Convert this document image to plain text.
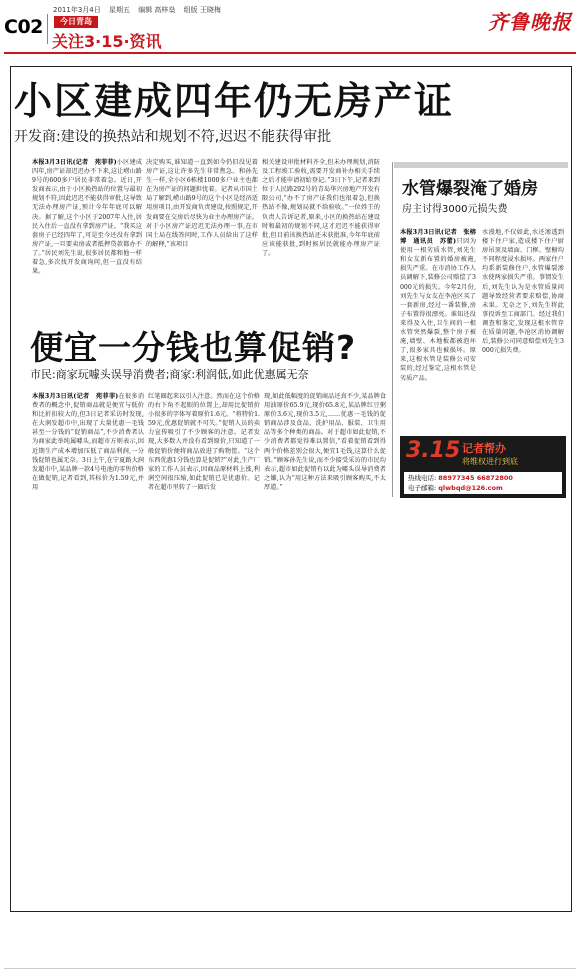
C02
2011年3月4日 星期五 编辑 高梓燊 组版 王晓梅
今日青岛
关注3·15·资讯
齐鲁晚报
小区建成四年仍无房产证
开发商:建设的换热站和规划不符,迟迟不能获得审批
本报3月3日讯(记者　苑菲菲)小区建成四年,房产证却迟迟办不下来,这让崂山路9号的600多户居民非常着急。近日,开发商表示,由于小区换热站的位置与最初规划不符,因此迟迟不能获得审批,这导致无法办理房产证,预计今年年底可以解决。据了解,这个小区于2007年入住,居民入住后一直没有拿到房产证。“我买这套房子已经四年了,可是至今还没有拿到房产证,一旦要卖房或者抵押贷款都办不了。”居民刘先生说,很多居民都和他一样着急,多次找开发商询问,但一直没有结果。
决定购买,谁知道一直到如今仍旧没见着房产证,这让许多先生非常焦急。和孙先生一样,全小区6栋楼1000多户业主也都在为房产证的问题担忧着。记者从市国土局了解到,崂山路9号的这个小区是经济适用房项目,由开发商负责建设,按照规定,开发商要在交房后尽快为业主办理房产证。对于小区房产证迟迟无法办理一事,在市国土局在线答问时,工作人员给出了这样的解释,“该项目
相关建设审批材料齐全,但未办理规划,消防及工程竣工验收,需要开发商补办相关手续之后才能申请初始登记。”3日下午,记者来到位于人民路292号的青岛华兴房地产开发有限公司,“办不了房产证我们也很着急,但换热站不像,规划局就不给验收。”一位姓王的负责人告诉记者,原来,小区的换热站在建设时和最初的规划不同,这才迟迟不能获得审批,但目前该换热站还未获批准,今年年底前应该能获批,到时候居民就能办理房产证了。
水管爆裂淹了婚房
房主讨得3000元损失费
本报3月3日讯(记者　张榕博　通讯员　苏蕾)只因为使用一根劣质水管,刘先生和女友新布置的婚房被淹,损失严重。在市消协工作人员调解下,装修公司赔偿了3000元的损失。今年2月份,刘先生与女友在李沧区买了一套新房,经过一番装修,房子布置得很漂亮。谁知还没来得及入住,卫生间的一根水管突然爆裂,整个房子被淹,墙壁、木地板都被泡坏了,很多家具也被损坏。原来,这根水管是装修公司安装的,经过鉴定,这根水管是劣质产品。
水漫地,不仅如此,水还渗透到楼下住户家,造成楼下住户厨房吊顶及墙面、门框、壁橱均不同程度浸水损坏。两家住户均系新装修住户,水管爆裂渗水使两家损失严重。事情发生后,刘先生认为是水管质量问题导致经营者要求赔偿,协商未果。无奈之下,刘先生将此事投诉至工商部门。经过我们调查和鉴定,发现这根水管存在质量问题,李沧区消协调解后,装修公司同意赔偿刘先生3000元损失费。
便宜一分钱也算促销?
市民:商家玩噱头误导消费者;商家:利润低,如此优惠属无奈
本报3月3日讯(记者　苑菲菲)在很多消费者的概念中,促销商品就是便宜与低价和比折扣较大的,但3日记者采访时发现,在大润发超市中,出现了大量优惠一毛钱甚至一分钱的“促销商品”,不少消费者认为商家此举纯属噱头,而超市方则表示,因近期生产成本增加压低了商品利润,一分钱促销也属无奈。3日上午,在宁夏路大润发超市中,某品牌一款4号电池的零售价格在做促销,记者看到,其标价为1.59元,并用
红笔圈起来以引人注意。然而在这个价格的右下角不起眼的位置上,却用比促销价小很多的字体写着原价1.6元。“将特价1.59元,优惠促销就不可失。”促销人员的卖力宣传吸引了不少顾客的注意。记者发现,大多数人并没有看到原价,只知道了一般促销价便将商品放进了购物筐。“这个东西优惠1分钱也算是促销?”对此,生产厂家的工作人员表示,因商品原材料上涨,利润空间很压缩,如此促销已是优惠价。记者在超市里转了一圈后发
现,如此低幅度的促销商品还真不少,某品牌食用油原价65.9元,现价65.8元,某品牌红豆粥原价3.6元,现价3.5元,……优惠一毛钱的促销商品涉及食品、洗护用品、服装、卫生用品等多个种类的商品。对于超市如此促销,不少消费者都觉得难以置信,“看着促销看到得两个价格差别会很大,便宜1毛钱,这算什么促销。”顾客孙先生说,而不少接受采访的市民均表示,超市如此促销有以此为噱头误导消费者之嫌,认为“用这种方法来吸引顾客购买,不太厚道。”
3.15 记者帮办
将维权进行到底
热线电话: 88977345 66872800
电子邮箱: qlwbqd@126.com
